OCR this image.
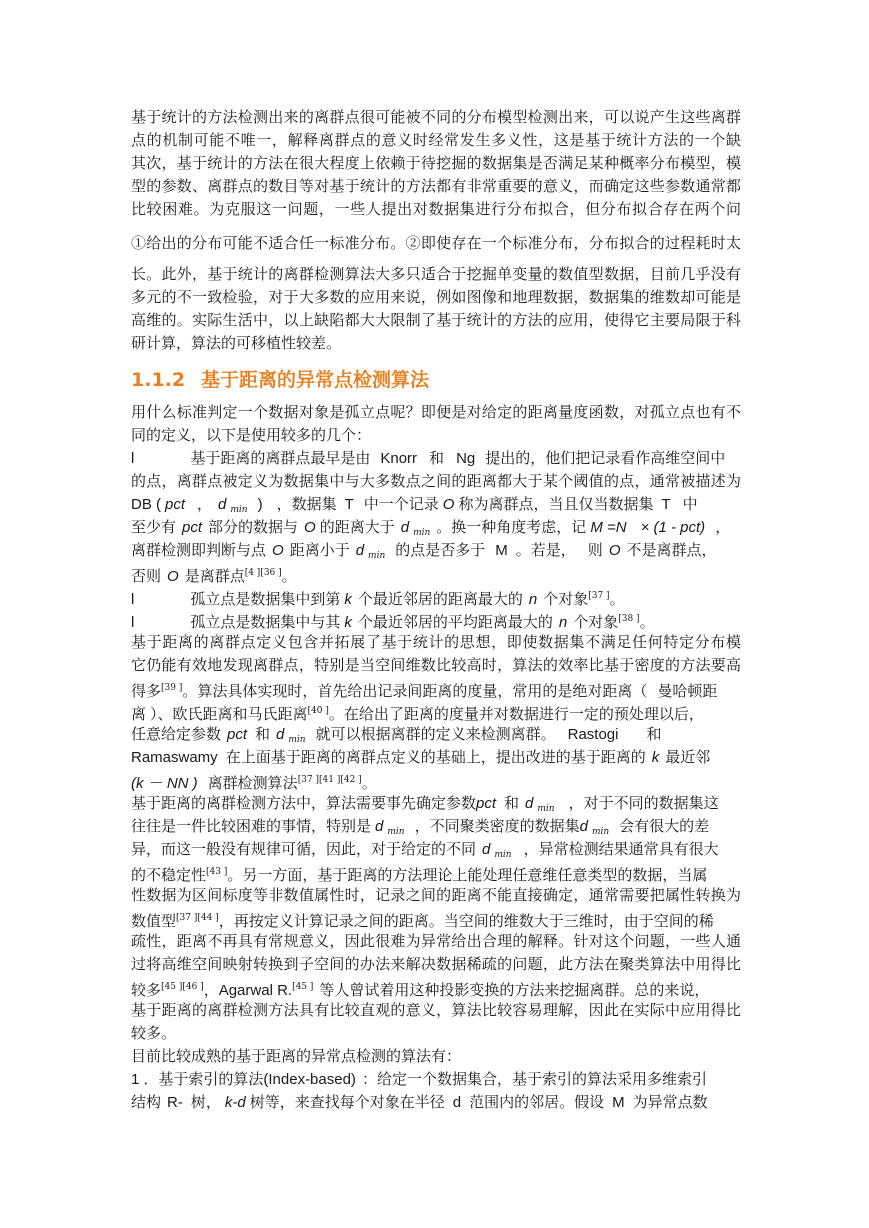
基于统计的方法检测出来的离群点很可能被不同的分布模型检测出来，可以说产生这些离群
点的机制可能不唯一，解释离群点的意义时经常发生多义性，这是基于统计方法的一个缺
其次，基于统计的方法在很大程度上依赖于待挖掘的数据集是否满足某种概率分布模型，模
型的参数、离群点的数目等对基于统计的方法都有非常重要的意义，而确定这些参数通常都
比较困难。为克服这一问题，一些人提出对数据集进行分布拟合，但分布拟合存在两个问
①给出的分布可能不适合任一标准分布。②即使存在一个标准分布，分布拟合的过程耗时太
长。此外，基于统计的离群检测算法大多只适合于挖掘单变量的数值型数据，目前几乎没有
多元的不一致检验，对于大多数的应用来说，例如图像和地理数据，数据集的维数却可能是
高维的。实际生活中，以上缺陷都大大限制了基于统计的方法的应用，使得它主要局限于科
研计算，算法的可移植性较差。
1.1.2 基于距离的异常点检测算法
用什么标准判定一个数据对象是孤立点呢？即便是对给定的距离量度函数，对孤立点也有不
同的定义，以下是使用较多的几个：
l	基于距离的离群点最早是由 Knorr 和 Ng 提出的，他们把记录看作高维空间中
的点，离群点被定义为数据集中与大多数点之间的距离都大于某个阈值的点，通常被描述为
DB ( pct ， d $_{min}$ ) ，数据集 T 中一个记录 O 称为离群点，当且仅当数据集 T 中
至少有 pct 部分的数据与 O 的距离大于 d $_{min}$ 。换一种角度考虑，记 M =N × (1 - pct) ，
离群检测即判断与点 O 距离小于 d $_{min}$ 的点是否多于 M 。若是， 则 O 不是离群点，
否则 O 是离群点[4 ][36 ]。
l	孤立点是数据集中到第 k 个最近邻居的距离最大的 n 个对象[37 ]。
l	孤立点是数据集中与其 k 个最近邻居的平均距离最大的 n 个对象[38 ]。
基于距离的离群点定义包含并拓展了基于统计的思想，即使数据集不满足任何特定分布模
它仍能有效地发现离群点，特别是当空间维数比较高时，算法的效率比基于密度的方法要高
得多[39 ]。算法具体实现时，首先给出记录间距离的度量，常用的是绝对距离（ 曼哈顿距
离 ）、欧氏距离和马氏距离[40 ]。在给出了距离的度量并对数据进行一定的预处理以后，
任意给定参数 pct 和 d $_{min}$ 就可以根据离群的定义来检测离群。 Rastogi 和
Ramaswamy 在上面基于距离的离群点定义的基础上，提出改进的基于距离的 k 最近邻
(k － NN ) 离群检测算法[37 ][41 ][42 ]。
基于距离的离群检测方法中，算法需要事先确定参数pct 和 d $_{min}$ ，对于不同的数据集这
往往是一件比较困难的事情，特别是 d $_{min}$ ，不同聚类密度的数据集d $_{min}$ 会有很大的差
异，而这一般没有规律可循，因此，对于给定的不同 d $_{min}$ ，异常检测结果通常具有很大
的不稳定性[43 ]。另一方面，基于距离的方法理论上能处理任意维任意类型的数据，当属
性数据为区间标度等非数值属性时，记录之间的距离不能直接确定，通常需要把属性转换为
数值型[37 ][44 ]，再按定义计算记录之间的距离。当空间的维数大于三维时，由于空间的稀
疏性，距离不再具有常规意义，因此很难为异常给出合理的解释。针对这个问题，一些人通
过将高维空间映射转换到子空间的办法来解决数据稀疏的问题，此方法在聚类算法中用得比
较多[45 ][46 ]，Agarwal R.[45 ] 等人曾试着用这种投影变换的方法来挖掘离群。总的来说，
基于距离的离群检测方法具有比较直观的意义，算法比较容易理解，因此在实际中应用得比
较多。
目前比较成熟的基于距离的异常点检测的算法有：
1 ．基于索引的算法(Index-based) ：给定一个数据集合，基于索引的算法采用多维索引
结构 R- 树， k-d 树等，来查找每个对象在半径 d 范围内的邻居。假设 M 为异常点数
